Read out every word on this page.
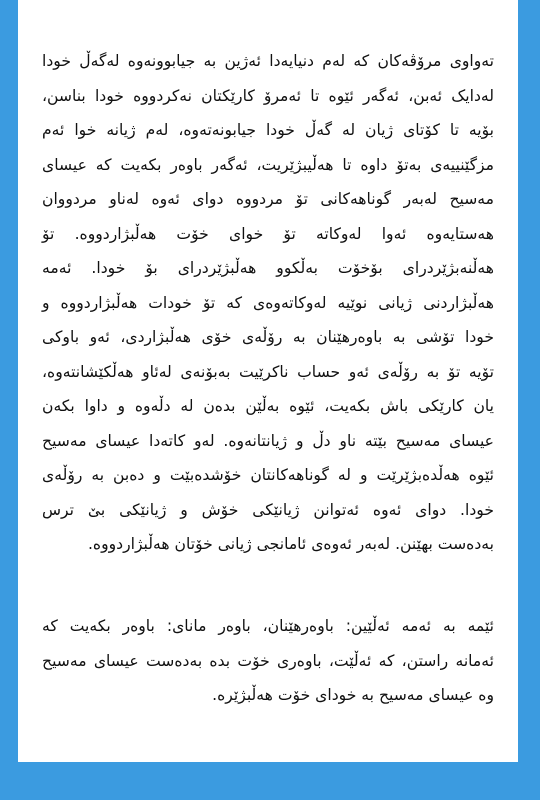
تەواوی مرۆڤەکان کە لەم دنیایەدا ئەژین بە جیابوونەوە لەگەڵ خودا
لەدایک ئەبن، ئەگەر ئێوە تا ئەمرۆ کارێکتان نەکردووە خودا بناسن،
بۆیە تا کۆتای ژیان لە گەڵ خودا جیابونەتەوە، لەم ژیانە خوا ئەم
مزگێنییەی بەتۆ داوە تا هەڵیبژێریت، ئەگەر باوەر بکەیت کە عیسای
مەسیح لەبەر گوناهەکانی تۆ مردووە دوای ئەوە لەناو مردووان
هەستایەوە ئەوا لەوکاتە تۆ خوای خۆت هەڵبژاردووە. تۆ
هەڵنەبژێردرای بۆخۆت بەڵکوو هەڵبژێردرای بۆ خودا. ئەمە
هەڵبژاردنی ژیانی نوێیە لەوکاتەوەی کە تۆ خودات هەڵبژاردووە و
خودا تۆشی بە باوەرهێنان بە رۆڵەی خۆی هەڵبژاردی، ئەو باوکی
تۆیە تۆ بە رۆڵەی ئەو حساب ناکرێیت بەبۆنەی لەئاو هەڵکێشانتەوە،
یان کارێکی باش بکەیت، ئێوە بەڵێن بدەن لە دڵەوە و داوا بکەن
عیسای مەسیح بێتە ناو دڵ و ژیانتانەوە. لەو کاتەدا عیسای مەسیح
ئێوە هەڵدەبژێرێت و لە گوناهەکانتان خۆشدەبێت و دەبن بە رۆڵەی
خودا. دوای ئەوە ئەتوانن ژیانێکی خۆش و ژیانێکی بێ ترس
بەدەست بهێنن. لەبەر ئەوەی ئامانجی ژیانی خۆتان هەڵبژاردووە.
ئێمە بە ئەمە ئەڵێین: باوەرهێنان، باوەر مانای: باوەر بکەیت کە
ئەمانە راستن، کە ئەڵێت، باوەری خۆت بدە بەدەست عیسای مەسیح
وە عیسای مەسیح بە خودای خۆت هەڵبژێرە.
